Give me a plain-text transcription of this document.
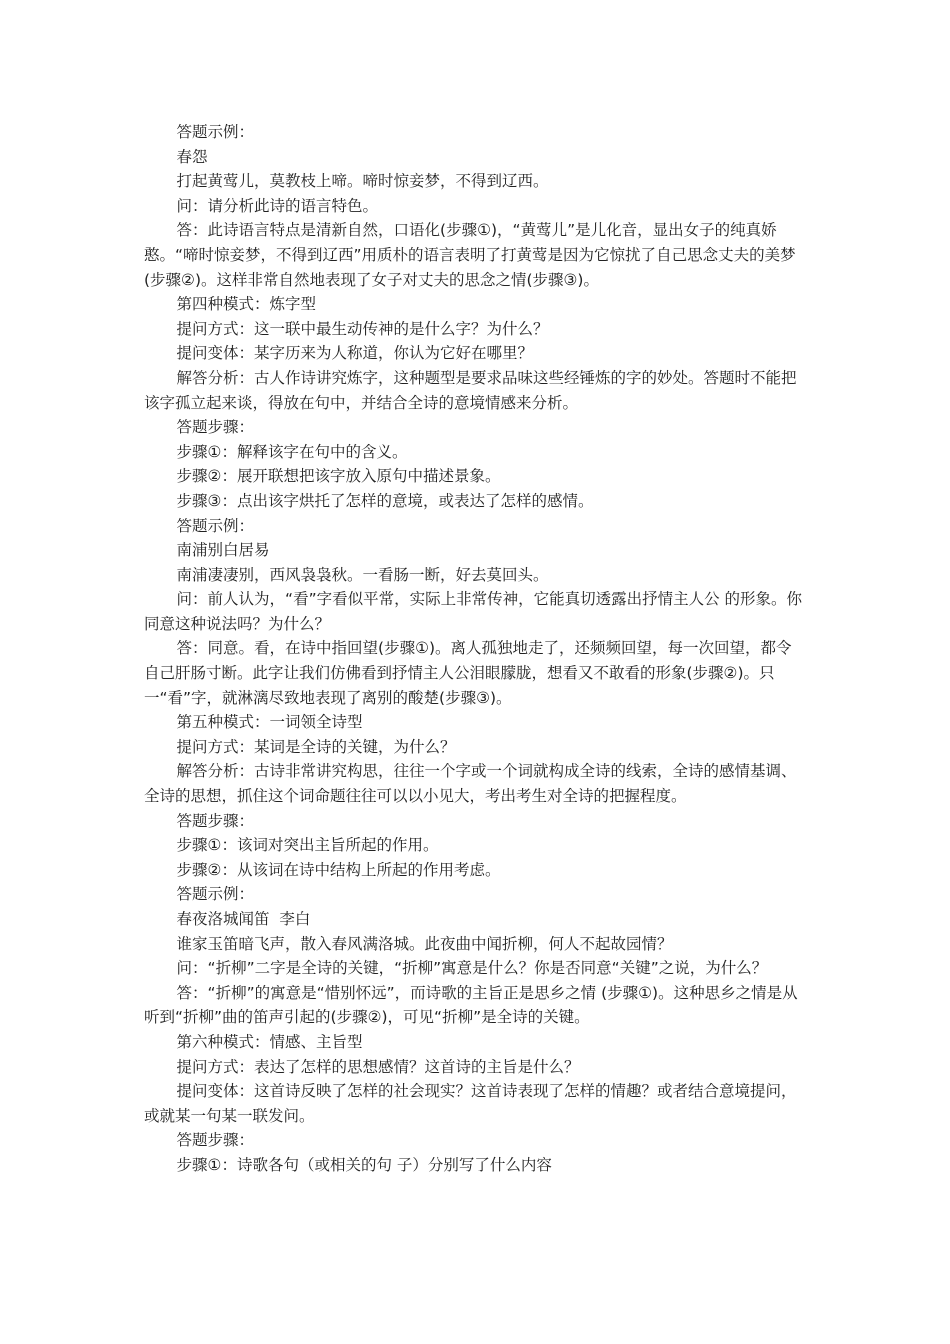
答题示例：

春怨

打起黄莺儿，莫教枝上啼。啼时惊妾梦，不得到辽西。

问：请分析此诗的语言特色。

答：此诗语言特点是清新自然，口语化(步骤①)，“黄莺儿”是儿化音，显出女子的纯真娇憨。“啼时惊妾梦，不得到辽西”用质朴的语言表明了打黄莺是因为它惊扰了自己思念丈夫的美梦(步骤②)。这样非常自然地表现了女子对丈夫的思念之情(步骤③)。

第四种模式：炼字型

提问方式：这一联中最生动传神的是什么字？为什么？

提问变体：某字历来为人称道，你认为它好在哪里？

解答分析：古人作诗讲究炼字，这种题型是要求品味这些经锤炼的字的妙处。答题时不能把该字孤立起来谈，得放在句中，并结合全诗的意境情感来分析。

答题步骤：

步骤①：解释该字在句中的含义。

步骤②：展开联想把该字放入原句中描述景象。

步骤③：点出该字烘托了怎样的意境，或表达了怎样的感情。

答题示例：

南浦别白居易

南浦凄凄别，西风袅袅秋。一看肠一断，好去莫回头。

问：前人认为，“看”字看似平常，实际上非常传神，它能真切透露出抒情主人公 的形象。你同意这种说法吗？为什么？

答：同意。看，在诗中指回望(步骤①)。离人孤独地走了，还频频回望，每一次回望，都令自己肝肠寸断。此字让我们仿佛看到抒情主人公泪眼朦胧，想看又不敢看的形象(步骤②)。只一“看”字，就淋漓尽致地表现了离别的酸楚(步骤③)。

第五种模式：一词领全诗型

提问方式：某词是全诗的关键，为什么？

解答分析：古诗非常讲究构思，往往一个字或一个词就构成全诗的线索，全诗的感情基调、全诗的思想，抓住这个词命题往往可以以小见大，考出考生对全诗的把握程度。

答题步骤：

步骤①：该词对突出主旨所起的作用。

步骤②：从该词在诗中结构上所起的作用考虑。

答题示例：

春夜洛城闻笛  李白

谁家玉笛暗飞声，散入春风满洛城。此夜曲中闻折柳，何人不起故园情？

问：“折柳”二字是全诗的关键，“折柳”寓意是什么？你是否同意“关键”之说，为什么？

答：“折柳”的寓意是“惜别怀远”，而诗歌的主旨正是思乡之情 (步骤①)。这种思乡之情是从听到“折柳”曲的笛声引起的(步骤②)，可见“折柳”是全诗的关键。

第六种模式：情感、主旨型

提问方式：表达了怎样的思想感情？这首诗的主旨是什么？

提问变体：这首诗反映了怎样的社会现实？这首诗表现了怎样的情趣？或者结合意境提问，或就某一句某一联发问。

答题步骤：

步骤①：诗歌各句（或相关的句 子）分别写了什么内容
